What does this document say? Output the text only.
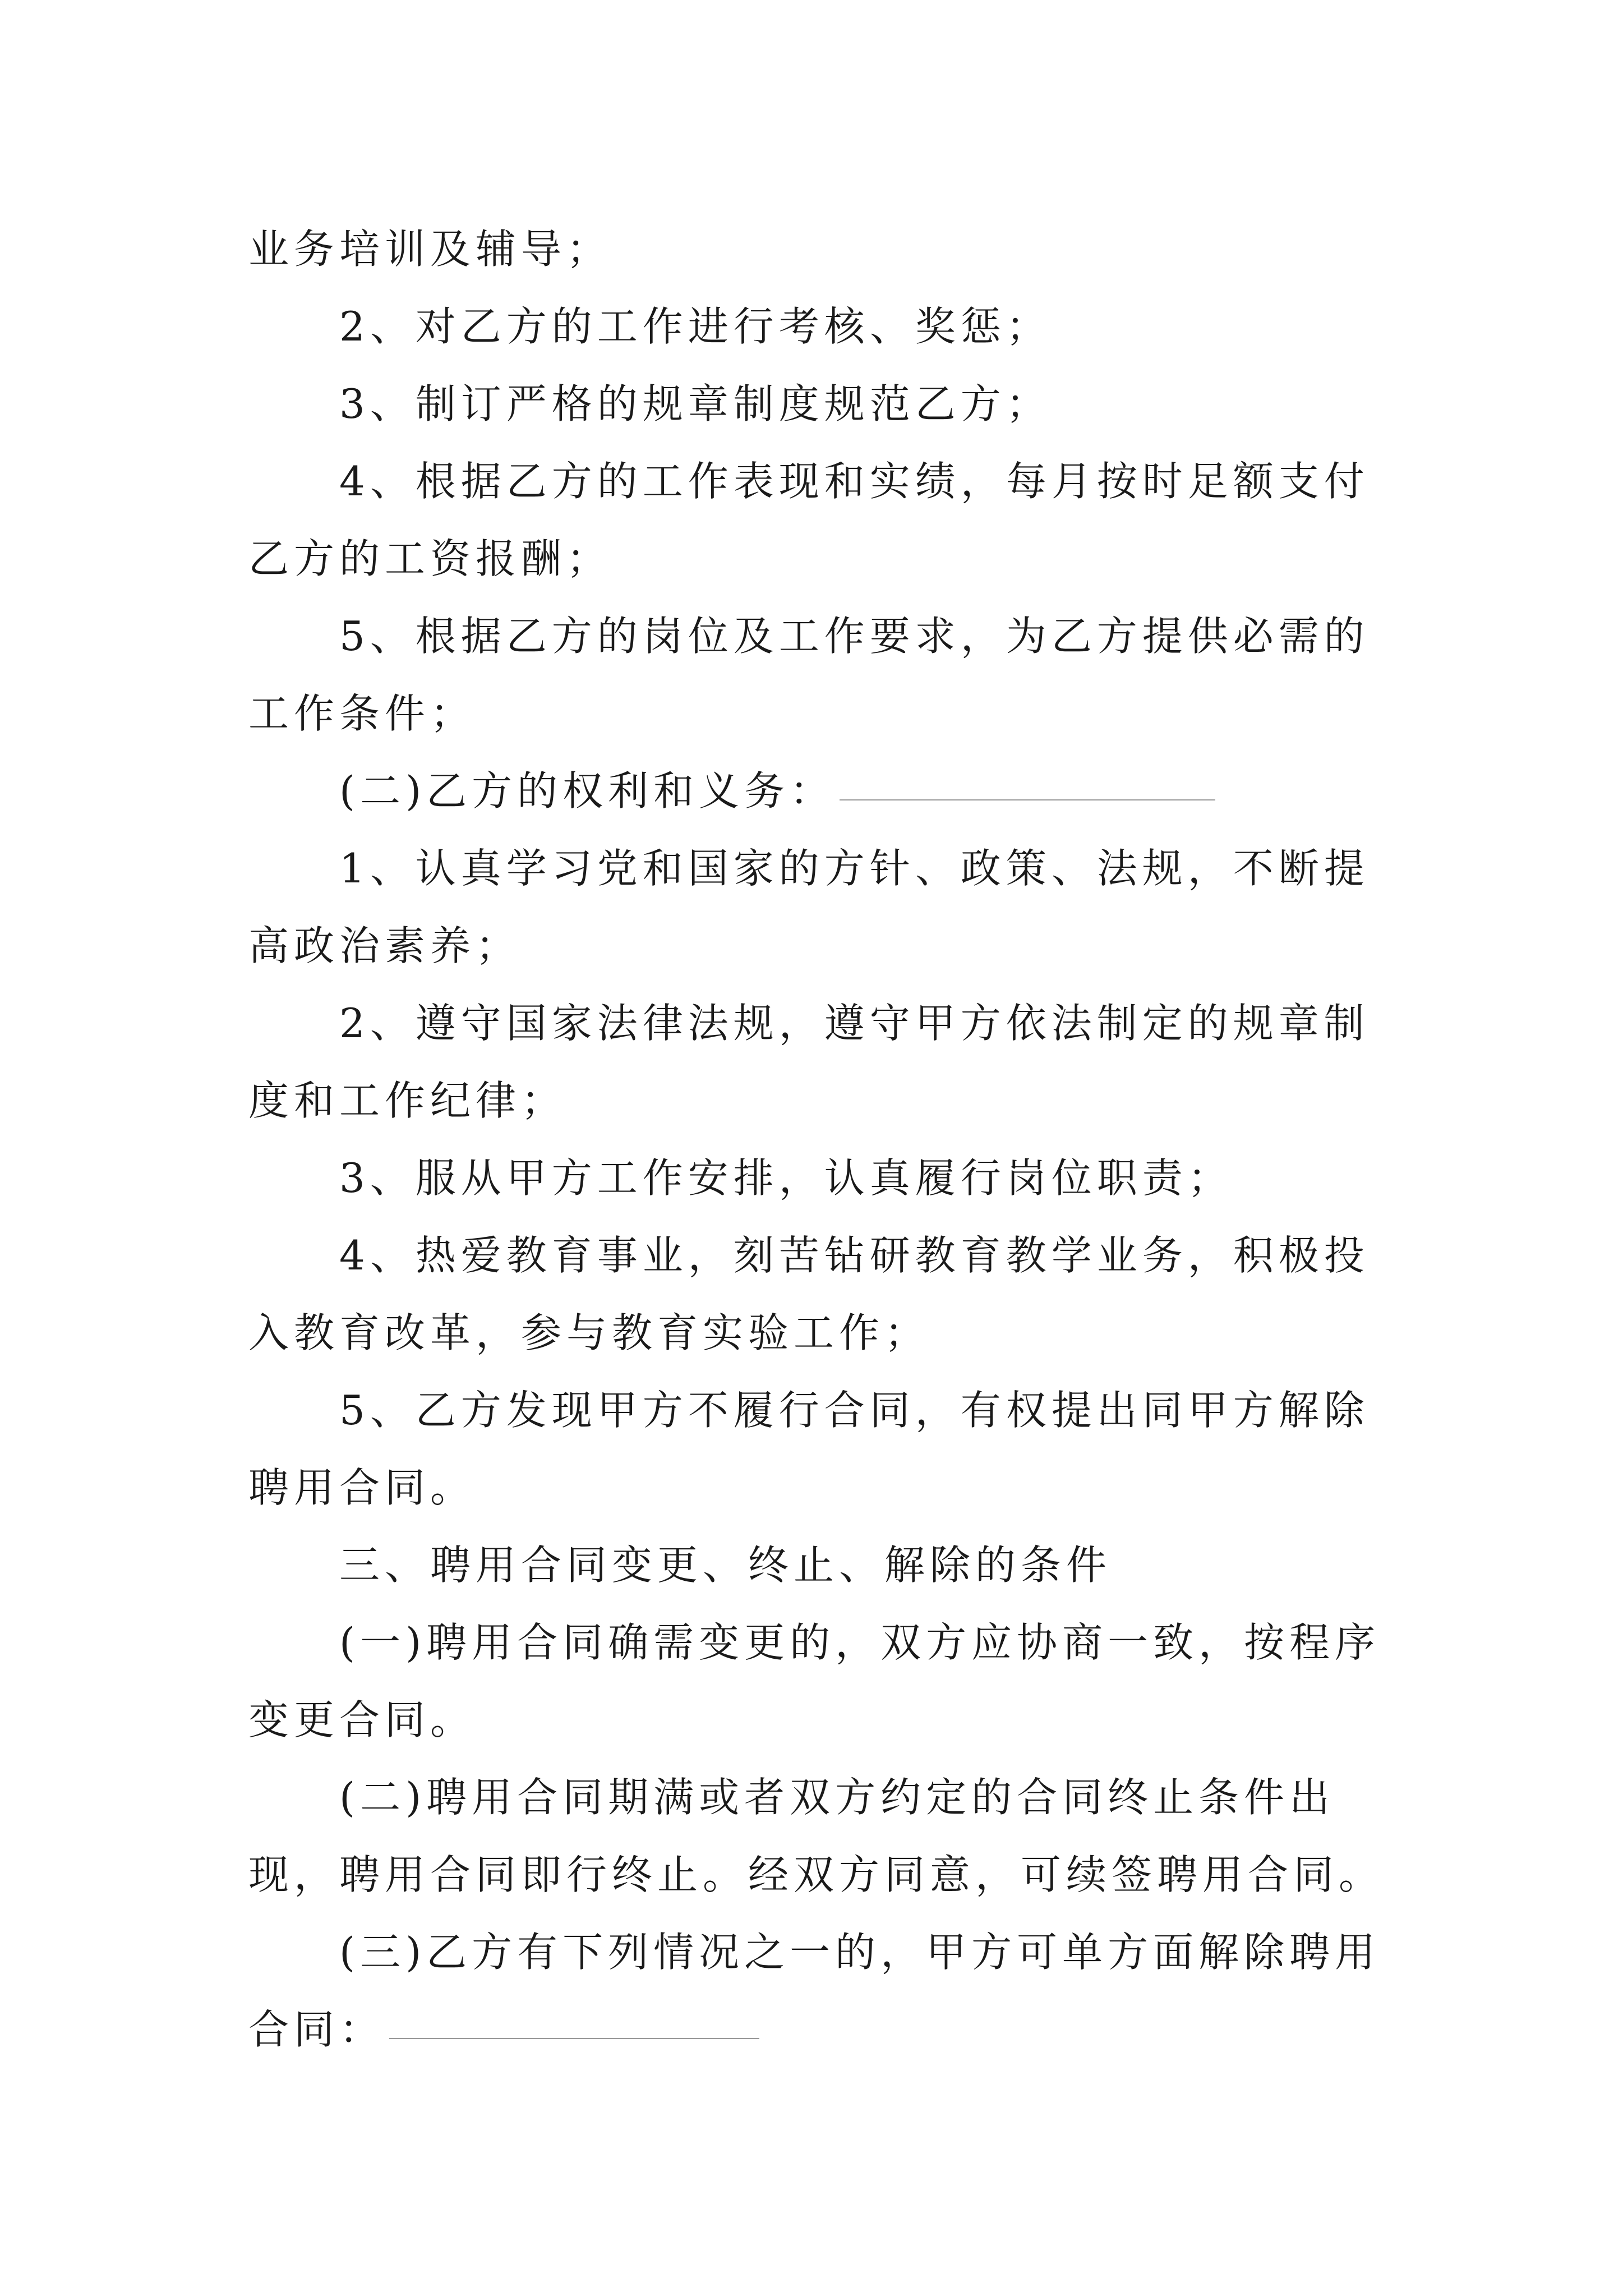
业务培训及辅导；

2、对乙方的工作进行考核、奖惩；

3、制订严格的规章制度规范乙方；

4、根据乙方的工作表现和实绩，每月按时足额支付乙方的工资报酬；

5、根据乙方的岗位及工作要求，为乙方提供必需的工作条件；

(二)乙方的权利和义务：

1、认真学习党和国家的方针、政策、法规，不断提高政治素养；

2、遵守国家法律法规，遵守甲方依法制定的规章制度和工作纪律；

3、服从甲方工作安排，认真履行岗位职责；

4、热爱教育事业，刻苦钻研教育教学业务，积极投入教育改革，参与教育实验工作；

5、乙方发现甲方不履行合同，有权提出同甲方解除聘用合同。

三、聘用合同变更、终止、解除的条件

(一)聘用合同确需变更的，双方应协商一致，按程序变更合同。

(二)聘用合同期满或者双方约定的合同终止条件出现，聘用合同即行终止。经双方同意，可续签聘用合同。

(三)乙方有下列情况之一的，甲方可单方面解除聘用合同：
